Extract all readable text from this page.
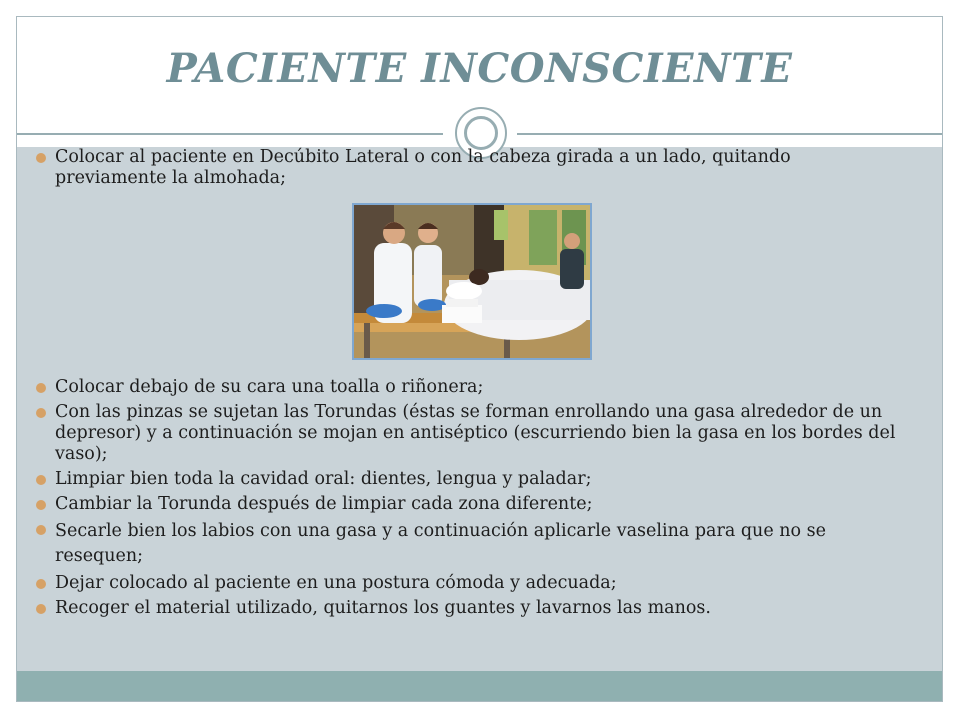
PACIENTE INCONSCIENTE
Colocar al paciente en Decúbito Lateral o con la cabeza girada a un lado, quitando previamente la almohada;
Colocar debajo de su cara una toalla o riñonera;
Con las pinzas se sujetan las Torundas (éstas se forman enrollando una gasa alrededor de un depresor) y a continuación se mojan en antiséptico (escurriendo bien la gasa en los bordes del vaso);
Limpiar bien toda la cavidad oral: dientes, lengua y paladar;
Cambiar la Torunda después de limpiar cada zona diferente;
Secarle bien los labios con una gasa y a continuación aplicarle vaselina para que no se resequen;
Dejar colocado al paciente en una postura cómoda y adecuada;
Recoger el material utilizado, quitarnos los guantes y lavarnos las manos.
